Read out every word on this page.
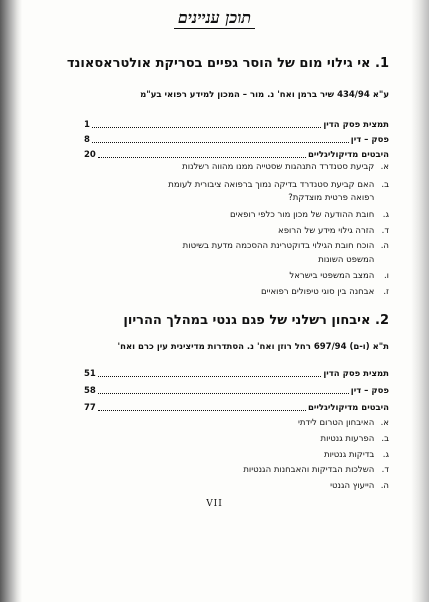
תוכן עניינים
1. אי גילוי מום של הוסר גפיים בסריקת אולטראסאונד
ע"א 434/94 שיר ברמן ואח' נ. מור – המכון למידע רפואי בע"מ
תמצית פסק הדין
1
פסק – דין
8
היבטים מדיקוליגליים
20
א. קביעת סטנדרד התנהגות שסטייה ממנו מהווה רשלנות
ב. האם קביעת סטנדרד בדיקה נמוך ברפואה ציבורית לעומת
רפואה פרטית מוצדקת?
ג. חובת ההודעה של מכון מור כלפי רופאים
ד. הזרה גילוי מידע של הרופא
ה. הוכח חובת הגילוי בדוקטרינת ההסכמה מדעת בשיטות
המשפט השונות
ו. המצב המשפטי בישראל
ז. אבחנה בין סוגי טיפולים רפואיים
2. איבחון רשלני של פגם גנטי במהלך ההריון
ת"א (ו-ם) 697/94 רחל רוזן ואח' נ. הסתדרות מדיצינית עין כרם ואח'
תמצית פסק הדין
51
פסק – דין
58
היבטים מדיקוליגליים
77
א. האיבחון הטרום לידתי
ב. הפרעות גנטיות
ג. בדיקות גנטיות
ד. השלכות הבדיקות והאבחנות הגנטיות
ה. הייעוץ הגנטי
VII
